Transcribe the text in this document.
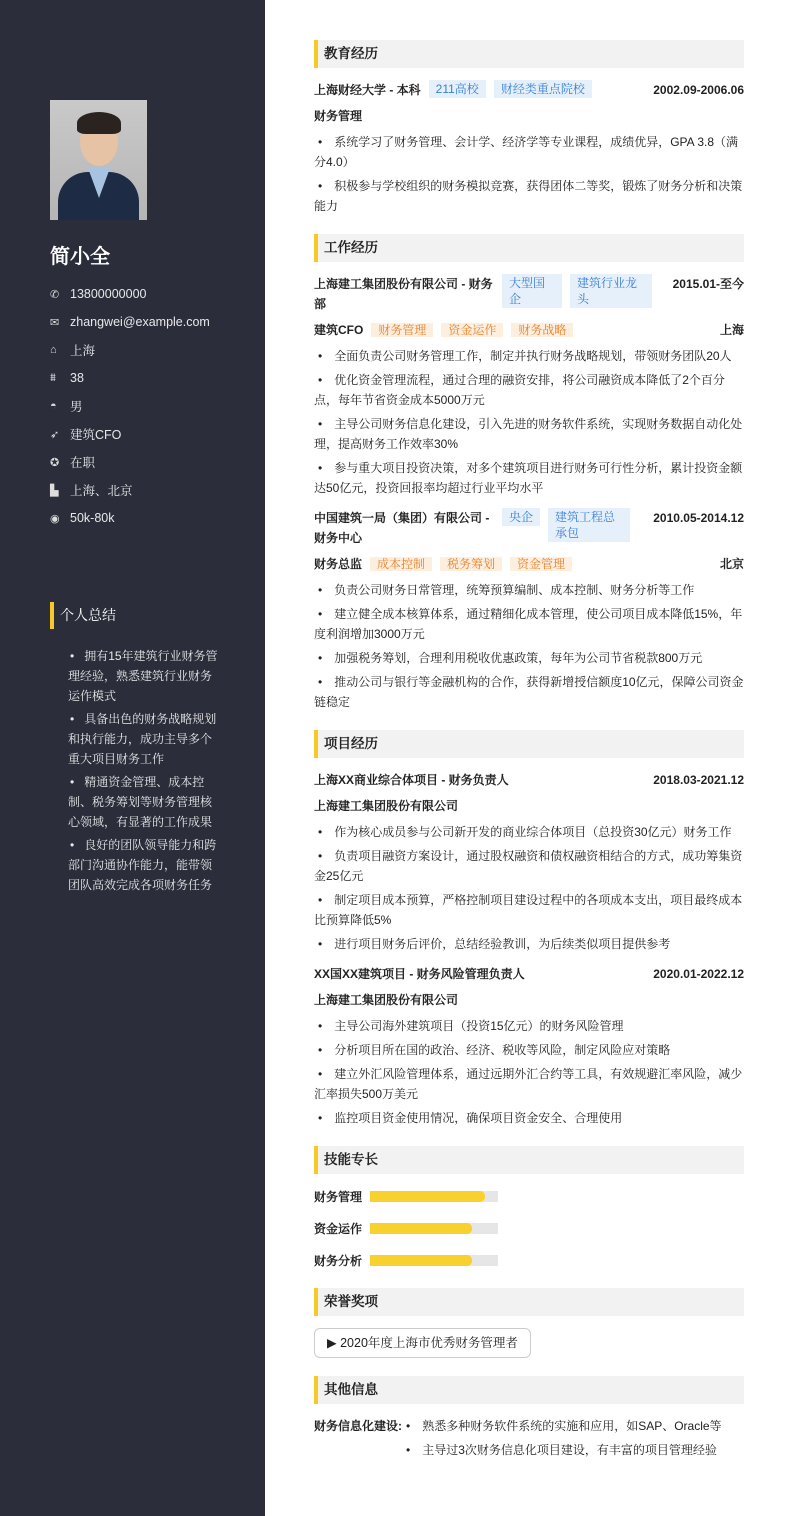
简小全
✆ 13800000000
✉ zhangwei@example.com
⌂	上海
⩩	38
◓	男
➶ 建筑CFO
✪ 在职
▙ 上海、北京
◉ 50k-80k
个人总结
• 拥有15年建筑行业财务管理经验，熟悉建筑行业财务运作模式
• 具备出色的财务战略规划和执行能力，成功主导多个重大项目财务工作
• 精通资金管理、成本控制、税务筹划等财务管理核心领域，有显著的工作成果
• 良好的团队领导能力和跨部门沟通协作能力，能带领团队高效完成各项财务任务
教育经历
上海财经大学 - 本科	211高校	财经类重点院校	2002.09-2006.06
财务管理
• 系统学习了财务管理、会计学、经济学等专业课程，成绩优异，GPA 3.8（满分4.0）
• 积极参与学校组织的财务模拟竞赛，获得团体二等奖，锻炼了财务分析和决策能力
工作经历
上海建工集团股份有限公司 - 财务部
大型国企
建筑行业龙头
2015.01-至今
建筑CFO 财务管理 资金运作 财务战略	上海
• 全面负责公司财务管理工作，制定并执行财务战略规划，带领财务团队20人
• 优化资金管理流程，通过合理的融资安排，将公司融资成本降低了2个百分点，每年节省资金成本5000万元
• 主导公司财务信息化建设，引入先进的财务软件系统，实现财务数据自动化处理，提高财务工作效率30%
• 参与重大项目投资决策，对多个建筑项目进行财务可行性分析，累计投资金额达50亿元，投资回报率均超过行业平均水平
中国建筑一局（集团）有限公司 - 财务中心
央企	建筑工程总承包
2010.05-2014.12
财务总监 成本控制 税务筹划 资金管理	北京
• 负责公司财务日常管理，统筹预算编制、成本控制、财务分析等工作
• 建立健全成本核算体系，通过精细化成本管理，使公司项目成本降低15%，年度利润增加3000万元
• 加强税务筹划，合理利用税收优惠政策，每年为公司节省税款800万元
• 推动公司与银行等金融机构的合作，获得新增授信额度10亿元，保障公司资金链稳定
项目经历
上海XX商业综合体项目 - 财务负责人	2018.03-2021.12
上海建工集团股份有限公司
• 作为核心成员参与公司新开发的商业综合体项目（总投资30亿元）财务工作
• 负责项目融资方案设计，通过股权融资和债权融资相结合的方式，成功筹集资金25亿元
• 制定项目成本预算，严格控制项目建设过程中的各项成本支出，项目最终成本比预算降低5%
• 进行项目财务后评价，总结经验教训，为后续类似项目提供参考
XX国XX建筑项目 - 财务风险管理负责人	2020.01-2022.12
上海建工集团股份有限公司
• 主导公司海外建筑项目（投资15亿元）的财务风险管理
• 分析项目所在国的政治、经济、税收等风险，制定风险应对策略
• 建立外汇风险管理体系，通过远期外汇合约等工具，有效规避汇率风险，减少汇率损失500万美元
• 监控项目资金使用情况，确保项目资金安全、合理使用
技能专长
财务管理
资金运作
财务分析
荣誉奖项
▶ 2020年度上海市优秀财务管理者
其他信息
财务信息化建设:	• 熟悉多种财务软件系统的实施和应用，如SAP、Oracle等
• 主导过3次财务信息化项目建设，有丰富的项目管理经验
